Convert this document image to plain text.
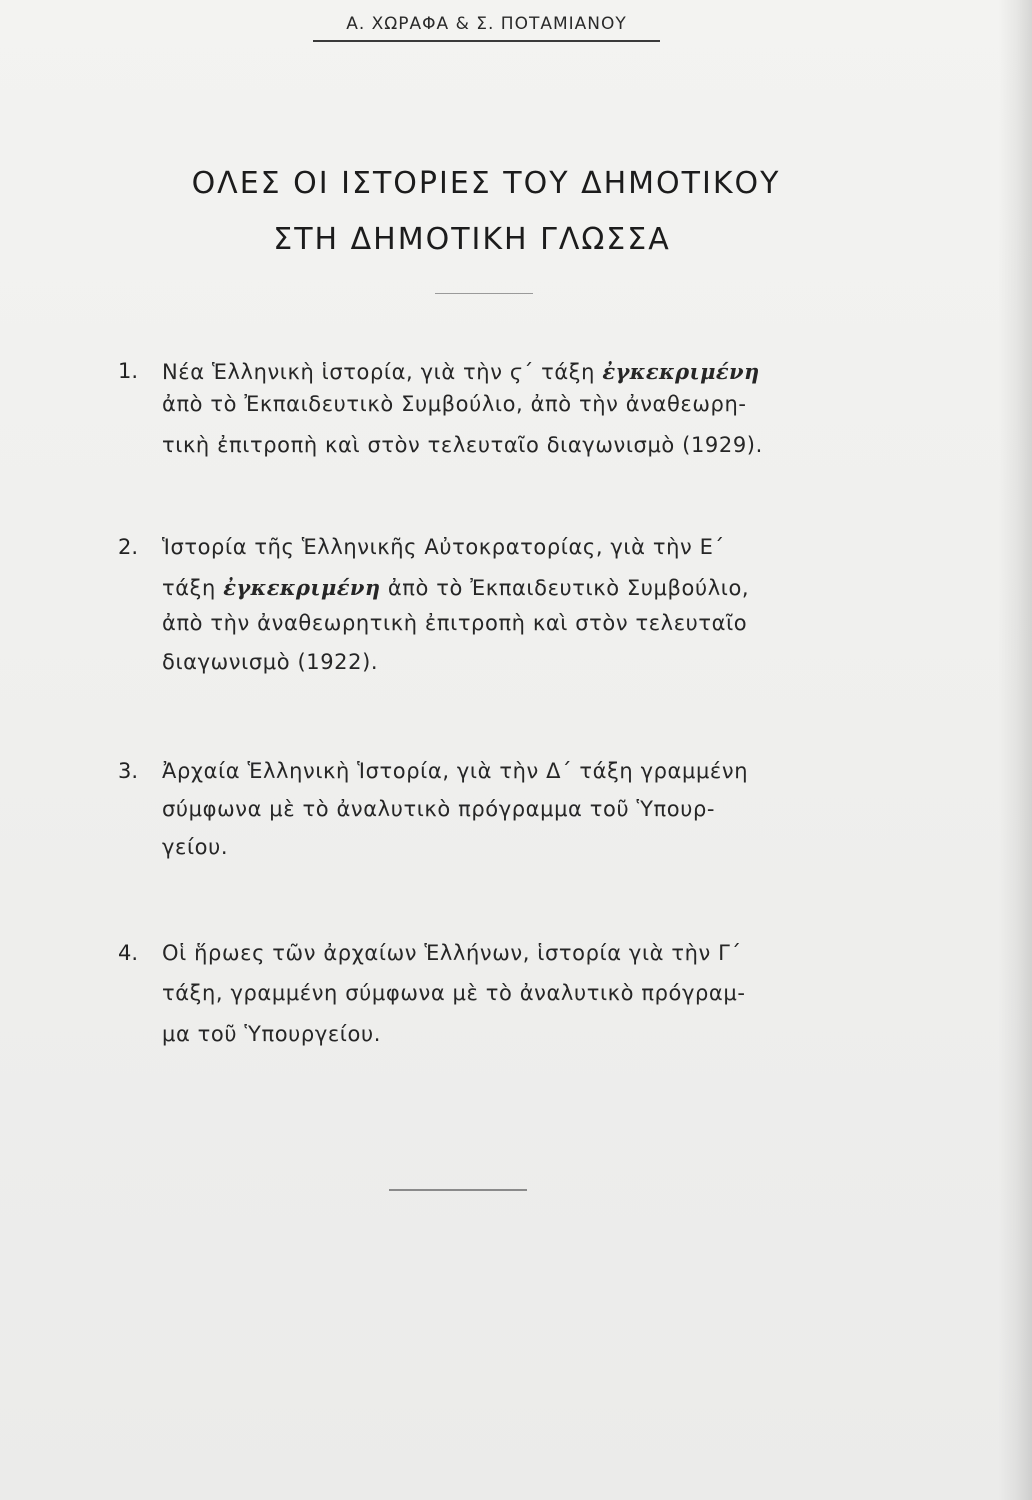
Α. ΧΩΡΑΦΑ & Σ. ΠΟΤΑΜΙΑΝΟΥ
ΟΛΕΣ ΟΙ ΙΣΤΟΡΙΕΣ ΤΟΥ ΔΗΜΟΤΙΚΟΥ
ΣΤΗ ΔΗΜΟΤΙΚΗ ΓΛΩΣΣΑ
1. Νέα Ἑλληνικὴ ἱστορία, γιὰ τὴν ϛ΄ τάξη ἐγκεκριμένη
ἀπὸ τὸ Ἐκπαιδευτικὸ Συμβούλιο, ἀπὸ τὴν ἀναθεωρη-
τικὴ ἐπιτροπὴ καὶ στὸν τελευταῖο διαγωνισμὸ (1929).
2. Ἱστορία τῆς Ἑλληνικῆς Αὐτοκρατορίας, γιὰ τὴν Ε΄
τάξη ἐγκεκριμένη ἀπὸ τὸ Ἐκπαιδευτικὸ Συμβούλιο,
ἀπὸ τὴν ἀναθεωρητικὴ ἐπιτροπὴ καὶ στὸν τελευταῖο
διαγωνισμὸ (1922).
3. Ἀρχαία Ἑλληνικὴ Ἱστορία, γιὰ τὴν Δ΄ τάξη γραμμένη
σύμφωνα μὲ τὸ ἀναλυτικὸ πρόγραμμα τοῦ Ὑπουρ-
γείου.
4. Οἱ ἥρωες τῶν ἀρχαίων Ἑλλήνων, ἱστορία γιὰ τὴν Γ΄
τάξη, γραμμένη σύμφωνα μὲ τὸ ἀναλυτικὸ πρόγραμ-
μα τοῦ Ὑπουργείου.
